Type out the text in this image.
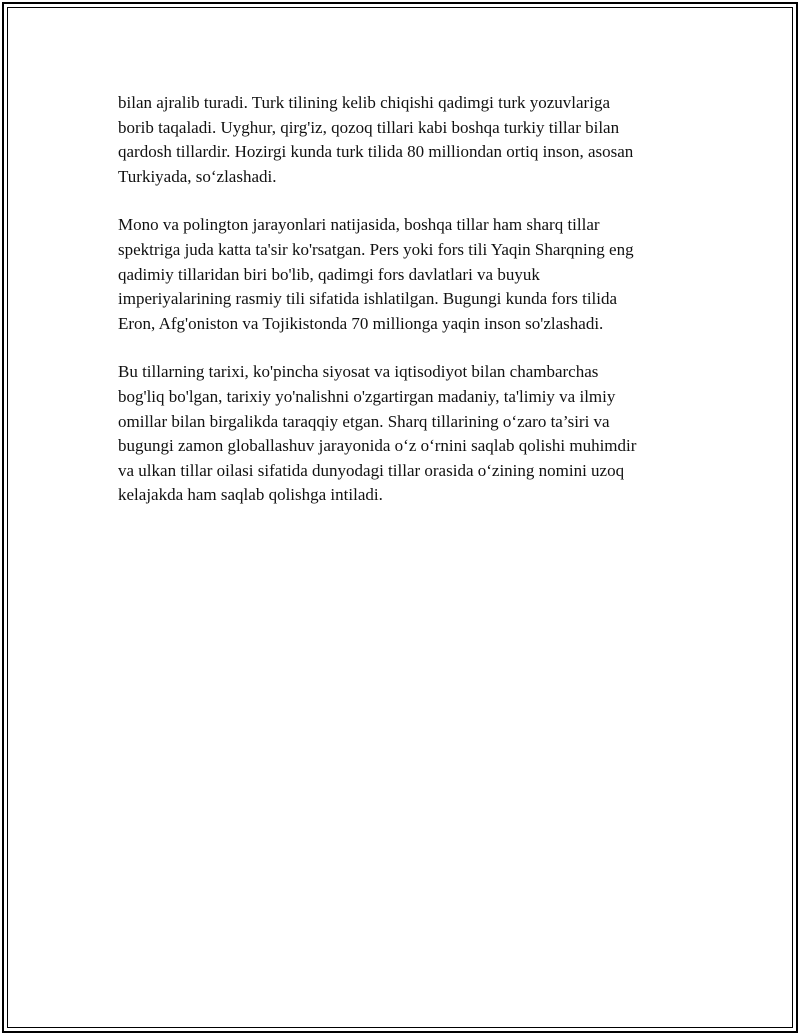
bilan ajralib turadi. Turk tilining kelib chiqishi qadimgi turk yozuvlariga
borib taqaladi. Uyghur, qirg'iz, qozoq tillari kabi boshqa turkiy tillar bilan
qardosh tillardir. Hozirgi kunda turk tilida 80 milliondan ortiq inson, asosan
Turkiyada, so‘zlashadi.

Mono va polington jarayonlari natijasida, boshqa tillar ham sharq tillar
spektriga juda katta ta'sir ko'rsatgan. Pers yoki fors tili Yaqin Sharqning eng
qadimiy tillaridan biri bo'lib, qadimgi fors davlatlari va buyuk
imperiyalarining rasmiy tili sifatida ishlatilgan. Bugungi kunda fors tilida
Eron, Afg'oniston va Tojikistonda 70 millionga yaqin inson so'zlashadi.

Bu tillarning tarixi, ko'pincha siyosat va iqtisodiyot bilan chambarchas
bog'liq bo'lgan, tarixiy yo'nalishni o'zgartirgan madaniy, ta'limiy va ilmiy
omillar bilan birgalikda taraqqiy etgan. Sharq tillarining o‘zaro ta’siri va
bugungi zamon globallashuv jarayonida o‘z o‘rnini saqlab qolishi muhimdir
va ulkan tillar oilasi sifatida dunyodagi tillar orasida o‘zining nomini uzoq
kelajakda ham saqlab qolishga intiladi.
